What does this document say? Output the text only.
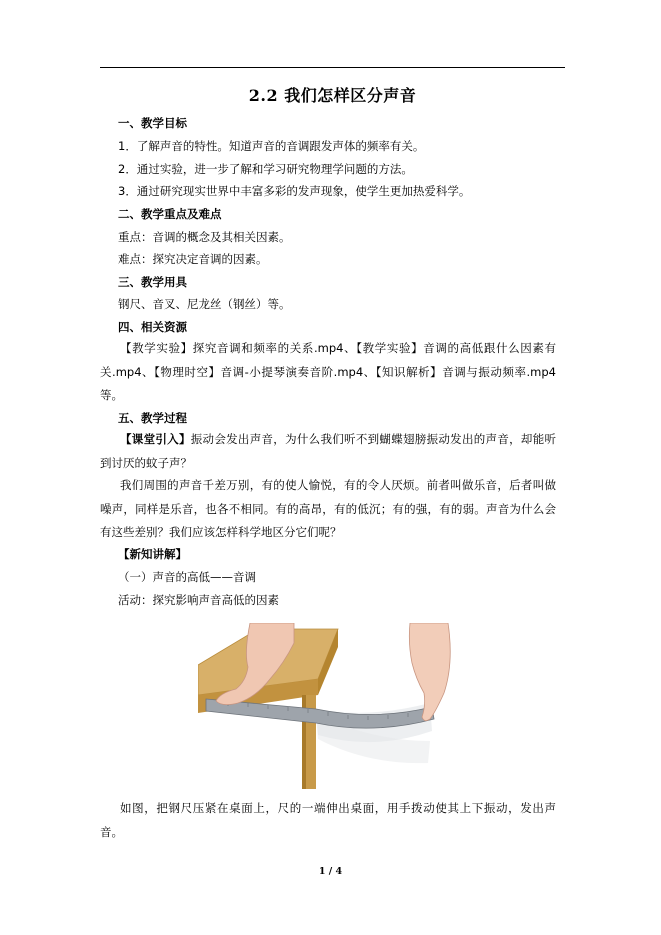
2.2 我们怎样区分声音
一、教学目标
1．了解声音的特性。知道声音的音调跟发声体的频率有关。
2．通过实验，进一步了解和学习研究物理学问题的方法。
3．通过研究现实世界中丰富多彩的发声现象，使学生更加热爱科学。
二、教学重点及难点
重点：音调的概念及其相关因素。
难点：探究决定音调的因素。
三、教学用具
钢尺、音叉、尼龙丝（钢丝）等。
四、相关资源
【教学实验】探究音调和频率的关系.mp4、【教学实验】音调的高低跟什么因素有关.mp4、【物理时空】音调-小提琴演奏音阶.mp4、【知识解析】音调与振动频率.mp4等。
五、教学过程
【课堂引入】振动会发出声音，为什么我们听不到蝴蝶翅膀振动发出的声音，却能听到讨厌的蚊子声？
我们周围的声音千差万别，有的使人愉悦，有的令人厌烦。前者叫做乐音，后者叫做噪声，同样是乐音，也各不相同。有的高昂，有的低沉；有的强，有的弱。声音为什么会有这些差别？我们应该怎样科学地区分它们呢？
【新知讲解】
（一）声音的高低——音调
活动：探究影响声音高低的因素
如图，把钢尺压紧在桌面上，尺的一端伸出桌面，用手拨动使其上下振动，发出声音。
1 / 4
